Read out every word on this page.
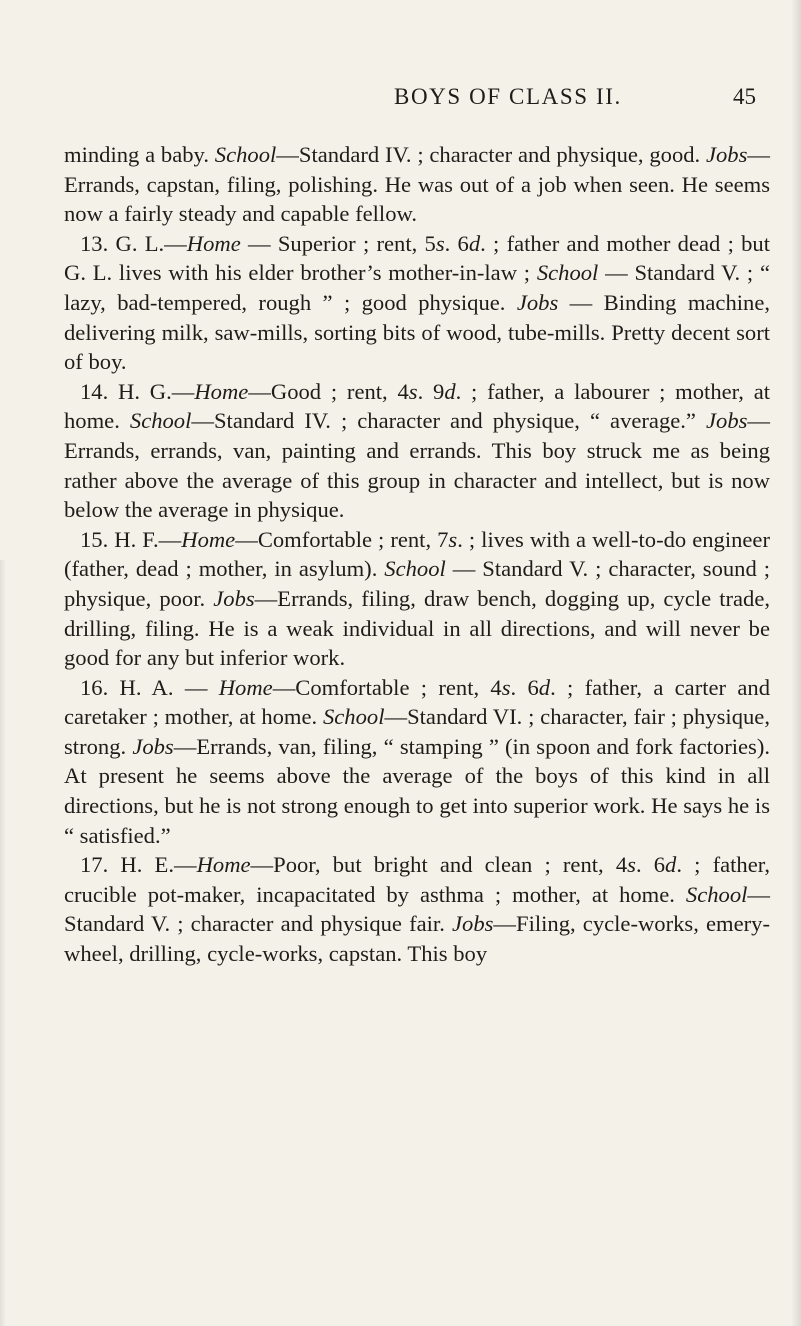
BOYS OF CLASS II.	45

minding a baby. School—Standard IV. ; character and physique, good. Jobs—Errands, capstan, filing, polishing. He was out of a job when seen. He seems now a fairly steady and capable fellow.

13. G. L.—Home — Superior ; rent, 5s. 6d. ; father and mother dead ; but G. L. lives with his elder brother’s mother-in-law ; School — Standard V. ; “ lazy, bad-tempered, rough ” ; good physique. Jobs — Binding machine, delivering milk, saw-mills, sorting bits of wood, tube-mills. Pretty decent sort of boy.

14. H. G.—Home—Good ; rent, 4s. 9d. ; father, a labourer ; mother, at home. School—Standard IV. ; character and physique, “ average.” Jobs—Errands, errands, van, painting and errands. This boy struck me as being rather above the average of this group in character and intellect, but is now below the average in physique.

15. H. F.—Home—Comfortable ; rent, 7s. ; lives with a well-to-do engineer (father, dead ; mother, in asylum). School — Standard V. ; character, sound ; physique, poor. Jobs—Errands, filing, draw bench, dogging up, cycle trade, drilling, filing. He is a weak individual in all directions, and will never be good for any but inferior work.

16. H. A. — Home—Comfortable ; rent, 4s. 6d. ; father, a carter and caretaker ; mother, at home. School—Standard VI. ; character, fair ; physique, strong. Jobs—Errands, van, filing, “ stamping ” (in spoon and fork factories). At present he seems above the average of the boys of this kind in all directions, but he is not strong enough to get into superior work. He says he is “ satisfied.”

17. H. E.—Home—Poor, but bright and clean ; rent, 4s. 6d. ; father, crucible pot-maker, incapacitated by asthma ; mother, at home. School—Standard V. ; character and physique fair. Jobs—Filing, cycle-works, emery-wheel, drilling, cycle-works, capstan. This boy
